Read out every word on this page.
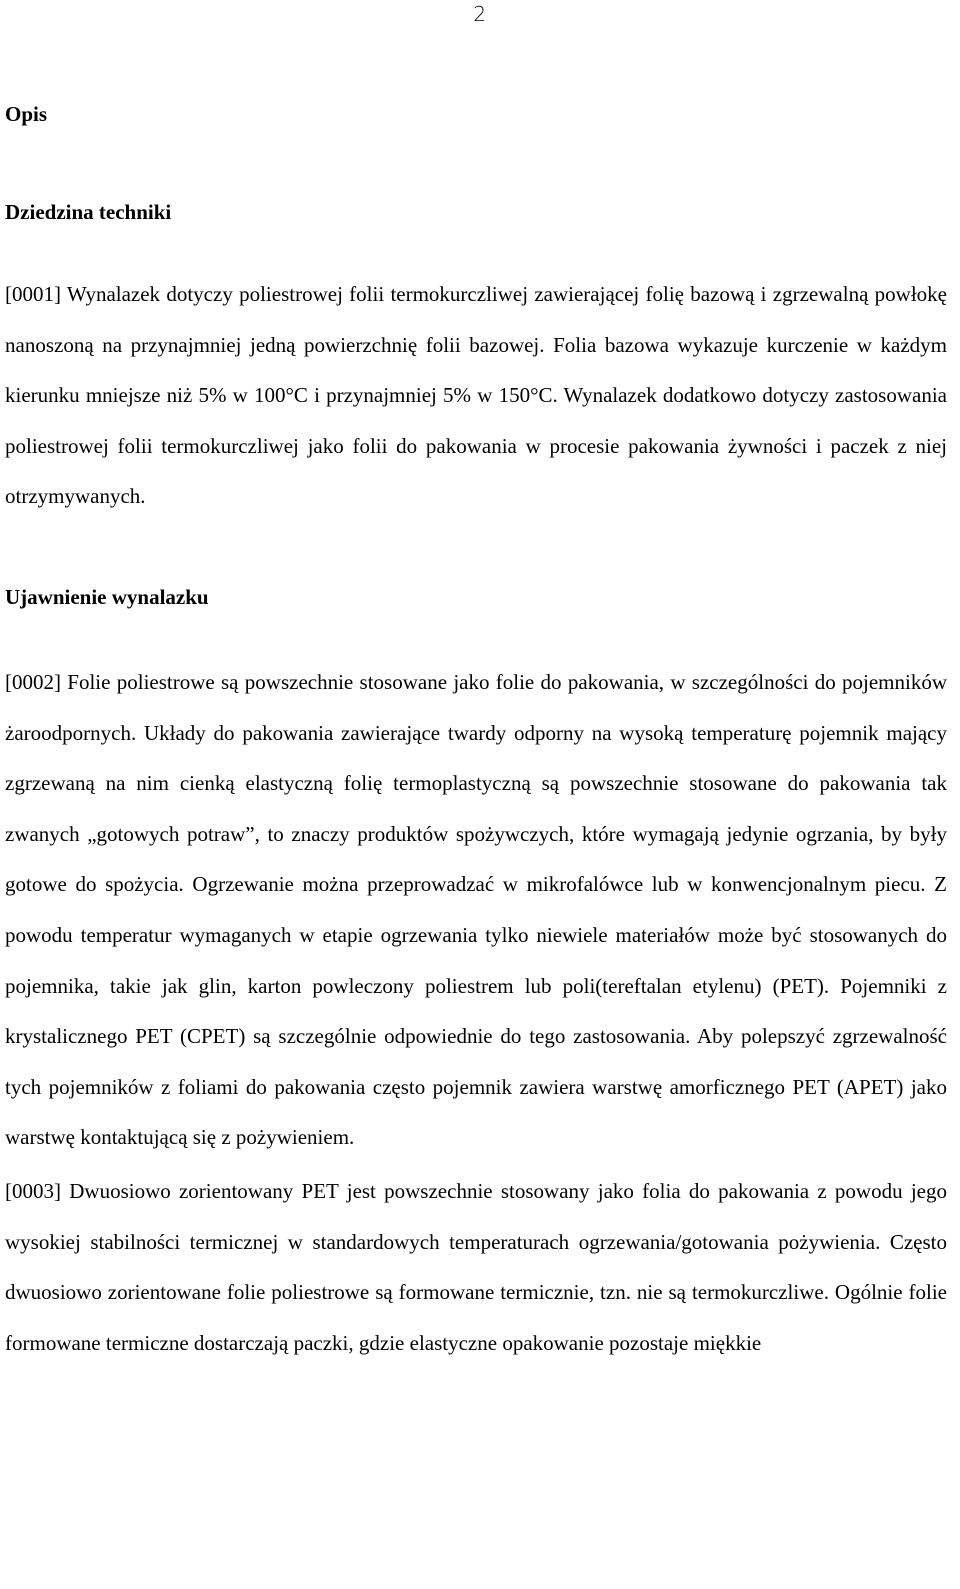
2
Opis
Dziedzina techniki

[0001] Wynalazek dotyczy poliestrowej folii termokurczliwej zawierającej folię bazową i zgrzewalną powłokę nanoszoną na przynajmniej jedną powierzchnię folii bazowej. Folia bazowa wykazuje kurczenie w każdym kierunku mniejsze niż 5% w 100°C i przynajmniej 5% w 150°C. Wynalazek dodatkowo dotyczy zastosowania poliestrowej folii termokurczliwej jako folii do pakowania w procesie pakowania żywności i paczek z niej otrzymywanych.

Ujawnienie wynalazku

[0002] Folie poliestrowe są powszechnie stosowane jako folie do pakowania, w szczególności do pojemników żaroodpornych. Układy do pakowania zawierające twardy odporny na wysoką temperaturę pojemnik mający zgrzewaną na nim cienką elastyczną folię termoplastyczną są powszechnie stosowane do pakowania tak zwanych „gotowych potraw”, to znaczy produktów spożywczych, które wymagają jedynie ogrzania, by były gotowe do spożycia. Ogrzewanie można przeprowadzać w mikrofalówce lub w konwencjonalnym piecu. Z powodu temperatur wymaganych w etapie ogrzewania tylko niewiele materiałów może być stosowanych do pojemnika, takie jak glin, karton powleczony poliestrem lub poli(tereftalan etylenu) (PET). Pojemniki z krystalicznego PET (CPET) są szczególnie odpowiednie do tego zastosowania. Aby polepszyć zgrzewalność tych pojemników z foliami do pakowania często pojemnik zawiera warstwę amorficznego PET (APET) jako warstwę kontaktującą się z pożywieniem.

[0003] Dwuosiowo zorientowany PET jest powszechnie stosowany jako folia do pakowania z powodu jego wysokiej stabilności termicznej w standardowych temperaturach ogrzewania/gotowania pożywienia. Często dwuosiowo zorientowane folie poliestrowe są formowane termicznie, tzn. nie są termokurczliwe. Ogólnie folie formowane termiczne dostarczają paczki, gdzie elastyczne opakowanie pozostaje miękkie
